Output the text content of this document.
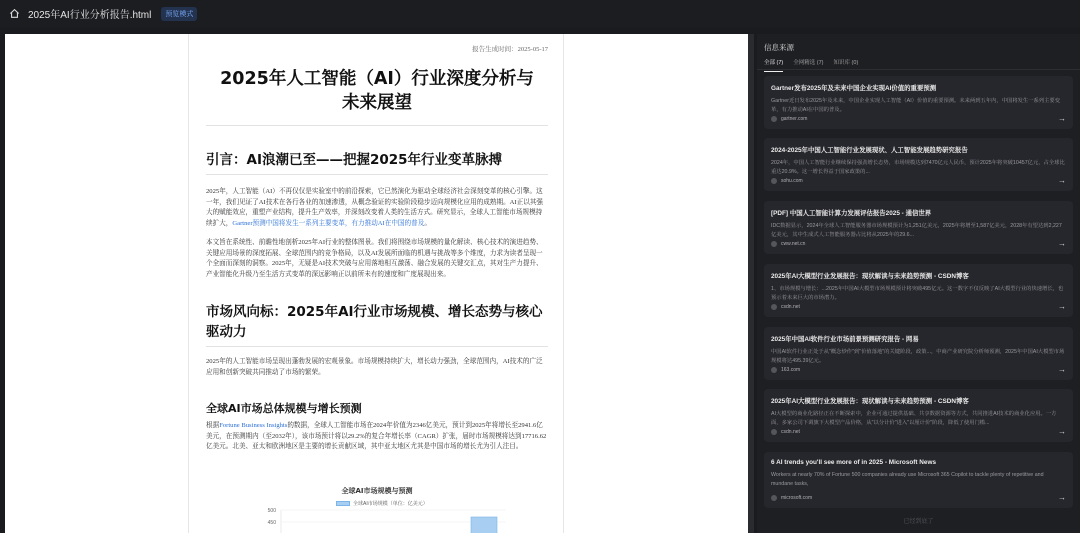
2025年AI行业分析报告.html	预览模式
报告生成时间：2025-05-17
2025年人工智能（AI）行业深度分析与
未来展望
引言：AI浪潮已至——把握2025年行业变革脉搏
2025年，人工智能（AI）不再仅仅是实验室中的前沿探索，它已然演化为驱动全球经济社会深刻变革的核心引擎。这一年，我们见证了AI技术在各行各业的加速渗透，从概念验证的实验阶段稳步迈向规模化应用的成熟期。AI正以其强大的赋能效应，重塑产业结构，提升生产效率，并深刻改变着人类的生活方式。研究显示，全球人工智能市场规模持续扩大，Gartner预测中国将发生一系列主要变革，有力推动AI在中国的普及。
本文旨在系统性、前瞻性地剖析2025年AI行业的整体图景。我们将围绕市场规模的量化解读、核心技术的演进趋势、关键应用场景的深度拓展、全球范围内的竞争格局，以及AI发展所面临的机遇与挑战等多个维度，力求为读者呈现一个全面而深刻的洞察。2025年，无疑是AI技术突破与应用落地相互激荡、融合发展的关键交汇点，其对生产力提升、产业智能化升级乃至生活方式变革的深远影响正以前所未有的速度和广度展现出来。
市场风向标：2025年AI行业市场规模、增长态势与核心驱动力
2025年的人工智能市场呈现出蓬勃发展的宏观景象。市场规模持续扩大，增长动力强劲，全球范围内，AI技术的广泛应用和创新突破共同推动了市场的繁荣。
全球AI市场总体规模与增长预测
根据Fortune Business Insights的数据，全球人工智能市场在2024年价值为2346亿美元，预计到2025年将增长至2941.6亿美元，在预测期内（至2032年），该市场预计将以29.2%的复合年增长率（CAGR）扩张，届时市场规模将达到17716.62亿美元。北美、亚太和欧洲地区是主要的增长贡献区域，其中亚太地区尤其是中国市场的增长尤为引人注目。
全球AI市场规模与预测
全球AI市场规模（单位：亿美元）
500
450
信息来源
全部 (7) 全网精选 (7) 知识库 (0)
Gartner发布2025年及未来中国企业实现AI价值的重要预测
Gartner近日发布2025年及未来，中国企业实现人工智能（AI）价值的重要预测。未来两到五年内，中国将发生一系列主要变革，有力推动AI在中国的普及。
gartner.com	→
2024-2025年中国人工智能行业发展现状、人工智能发展趋势研究报告
2024年，中国人工智能行业继续保持强劲增长态势，市场规模达到7470亿元人民币，预计2025年将突破10457亿元，占全球比重达20.9%。这一增长得益于国家政策的...
sohu.com	→
[PDF] 中国人工智能计算力发展评估报告2025 - 通信世界
IDC数据显示，2024年全球人工智能服务器市场规模预计为1,251亿美元，2025年将增至1,587亿美元，2028年有望达到2,227亿美元，其中生成式人工智能服务器占比将从2025年的29.6...
cww.net.cn	→
2025年AI大模型行业发展报告：现状解读与未来趋势预测 - CSDN博客
1、市场规模与增长：...2025年中国AI大模型市场规模预计将突破495亿元。这一数字不仅反映了AI大模型行业的快速增长，也预示着未来巨大的市场潜力。
csdn.net	→
2025年中国AI软件行业市场前景预测研究报告 - 网易
中国AI软件行业正处于从"概念炒作"到"价值落地"的关键阶段，政策...，中商产业研究院分析师预测，2025年中国AI大模型市场规模将达495.39亿元。
163.com	→
2025年AI大模型行业发展报告：现状解读与未来趋势预测 - CSDN博客
AI大模型的商业化路径正在不断探索中，企业可通过提供基础、共享数据资源等方式，共同推进AI技术的商业化应用。一方面，多家公司下调旗下大模型产品价格，从"以分计价"进入"以厘计价"阶段，降低了使用门槛...
csdn.net	→
6 AI trends you'll see more of in 2025 - Microsoft News
Workers at nearly 70% of Fortune 500 companies already use Microsoft 365 Copilot to tackle plenty of repetitive and mundane tasks,
microsoft.com	→
已经到底了
